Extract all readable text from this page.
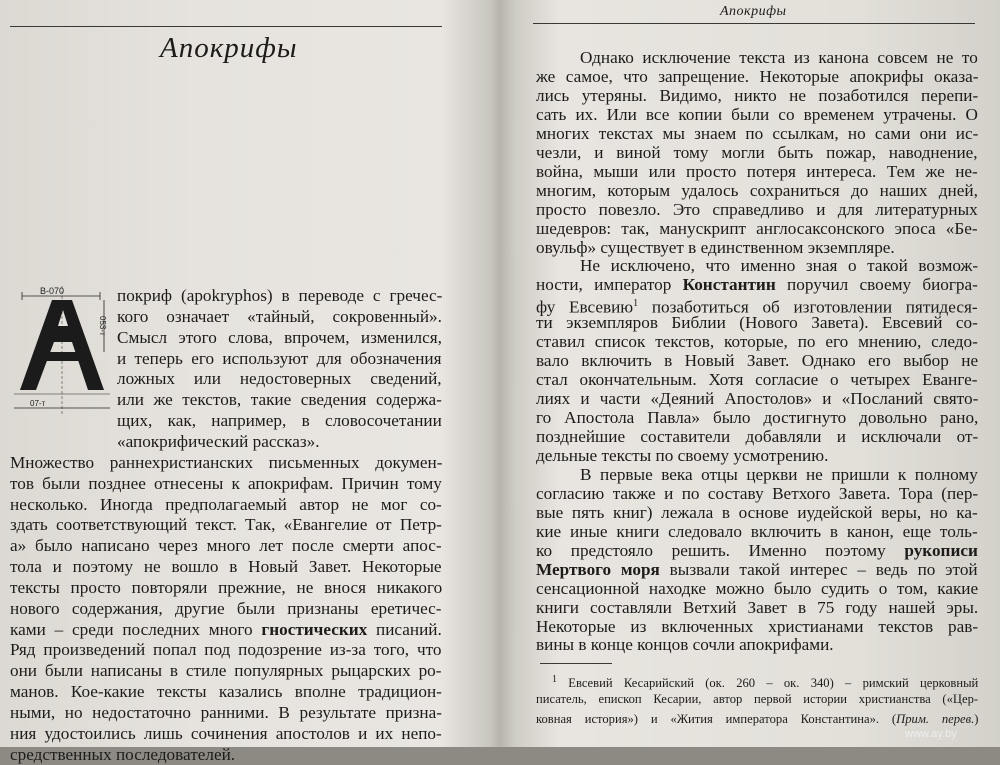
Апокрифы
В-070
053-т
07-т
покриф (apokryphos) в переводе с гречес-
кого означает «тайный, сокровенный».
Смысл этого слова, впрочем, изменился,
и теперь его используют для обозначения
ложных или недостоверных сведений,
или же текстов, такие сведения содержа-
щих, как, например, в словосочетании
«апокрифический рассказ».
Множество раннехристианских письменных докумен-
тов были позднее отнесены к апокрифам. Причин тому
несколько. Иногда предполагаемый автор не мог со-
здать соответствующий текст. Так, «Евангелие от Петр-
а» было написано через много лет после смерти апос-
тола и поэтому не вошло в Новый Завет. Некоторые
тексты просто повторяли прежние, не внося никакого
нового содержания, другие были признаны еретичес-
ками – среди последних много гностических писаний.
Ряд произведений попал под подозрение из-за того, что
они были написаны в стиле популярных рыцарских ро-
манов. Кое-какие тексты казались вполне традицион-
ными, но недостаточно ранними. В результате призна-
ния удостоились лишь сочинения апостолов и их непо-
средственных последователей.
Апокрифы
Однако исключение текста из канона совсем не то
же самое, что запрещение. Некоторые апокрифы оказа-
лись утеряны. Видимо, никто не позаботился перепи-
сать их. Или все копии были со временем утрачены. О
многих текстах мы знаем по ссылкам, но сами они ис-
чезли, и виной тому могли быть пожар, наводнение,
война, мыши или просто потеря интереса. Тем же не-
многим, которым удалось сохраниться до наших дней,
просто повезло. Это справедливо и для литературных
шедевров: так, манускрипт англосаксонского эпоса «Бе-
овульф» существует в единственном экземпляре.
Не исключено, что именно зная о такой возмож-
ности, император Константин поручил своему биогра-
фу Евсевию$^1$ позаботиться об изготовлении пятидеся-
ти экземпляров Библии (Нового Завета). Евсевий со-
ставил список текстов, которые, по его мнению, следо-
вало включить в Новый Завет. Однако его выбор не
стал окончательным. Хотя согласие о четырех Еванге-
лиях и части «Деяний Апостолов» и «Посланий свято-
го Апостола Павла» было достигнуто довольно рано,
позднейшие составители добавляли и исключали от-
дельные тексты по своему усмотрению.
В первые века отцы церкви не пришли к полному
согласию также и по составу Ветхого Завета. Тора (пер-
вые пять книг) лежала в основе иудейской веры, но ка-
кие иные книги следовало включить в канон, еще толь-
ко предстояло решить. Именно поэтому рукописи
Мертвого моря вызвали такой интерес – ведь по этой
сенсационной находке можно было судить о том, какие
книги составляли Ветхий Завет в 75 году нашей эры.
Некоторые из включенных христианами текстов рав-
вины в конце концов сочли апокрифами.
$^1$ Евсевий Кесарийский (ок. 260 – ок. 340) – римский церковный
писатель, епископ Кесарии, автор первой истории христианства («Цер-
ковная история») и «Жития императора Константина». (Прим. перев.)
www.ay.by
